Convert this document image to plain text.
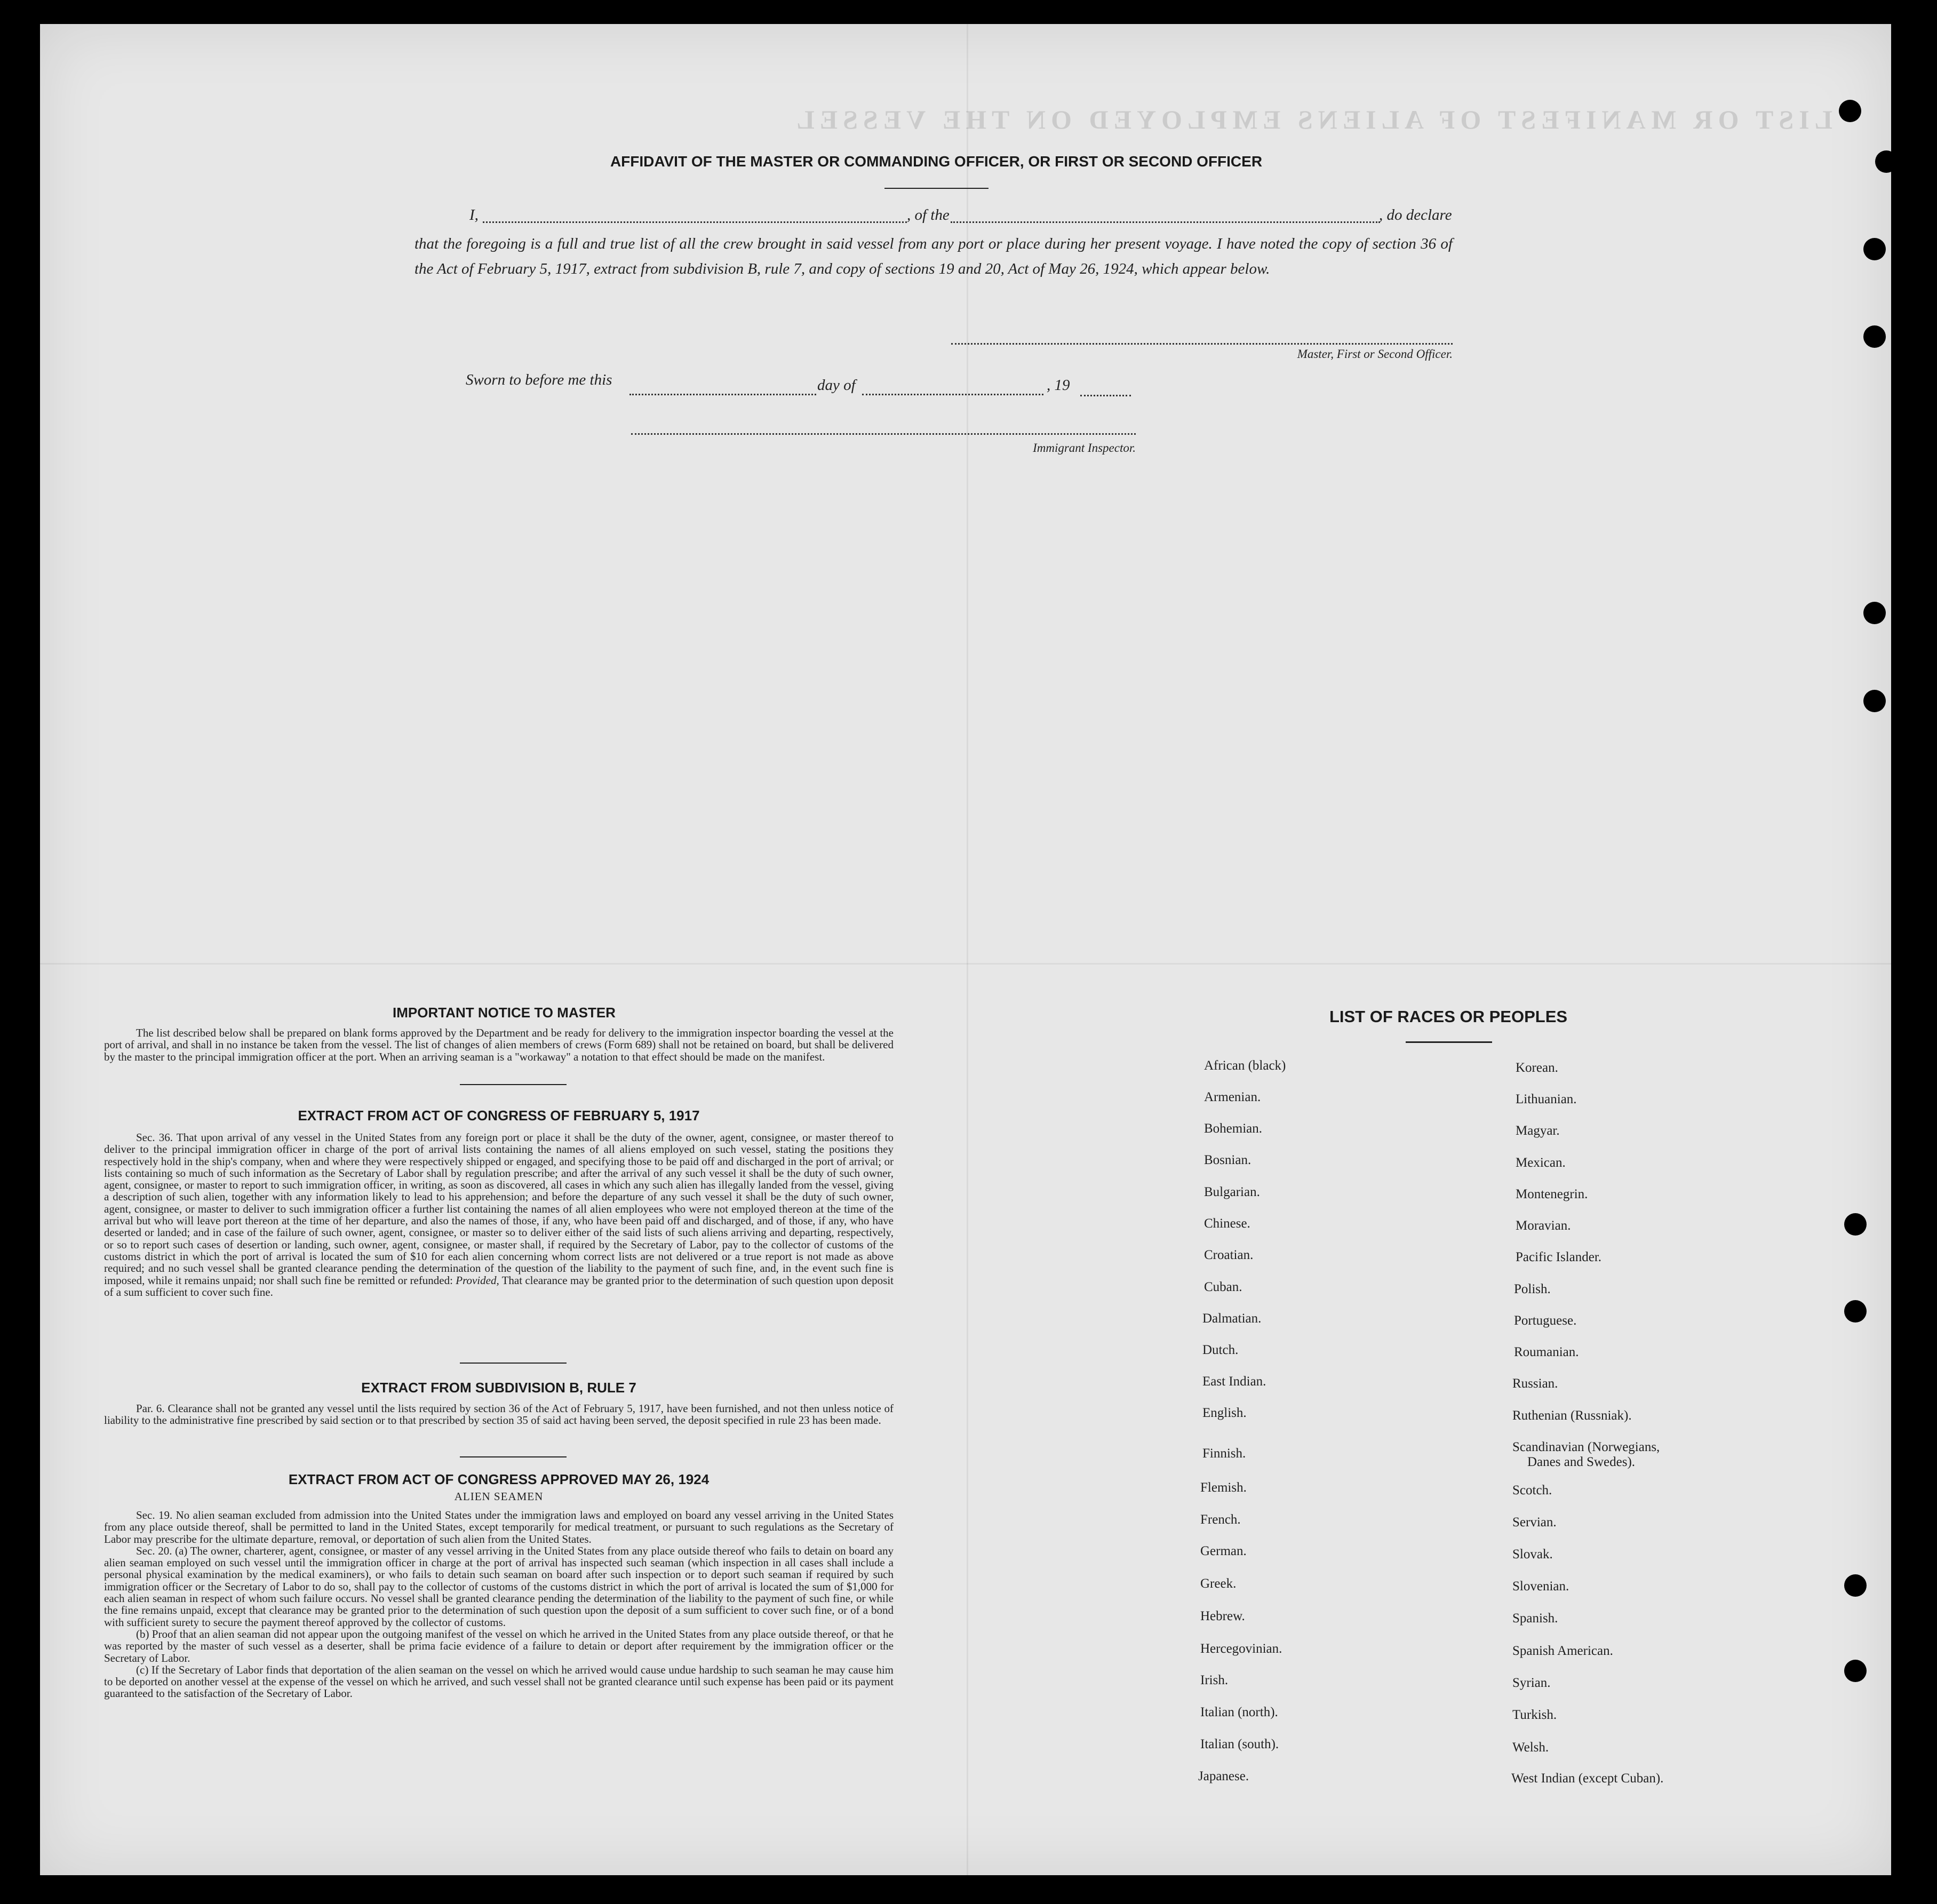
LIST OR MANIFEST OF ALIENS EMPLOYED ON THE VESSEL
AFFIDAVIT OF THE MASTER OR COMMANDING OFFICER, OR FIRST OR SECOND OFFICER
I,	, of the	, do declare
that the foregoing is a full and true list of all the crew brought in said vessel from any port or place during her present voyage. I have noted the copy of section 36 of the Act of February 5, 1917, extract from subdivision B, rule 7, and copy of sections 19 and 20, Act of May 26, 1924, which appear below.
Master, First or Second Officer.
Sworn to before me this	day of	, 19
Immigrant Inspector.
IMPORTANT NOTICE TO MASTER

The list described below shall be prepared on blank forms approved by the Department and be ready for delivery to the immigration inspector boarding the vessel at the port of arrival, and shall in no instance be taken from the vessel. The list of changes of alien members of crews (Form 689) shall not be retained on board, but shall be delivered by the master to the principal immigration officer at the port. When an arriving seaman is a "workaway" a notation to that effect should be made on the manifest.

EXTRACT FROM ACT OF CONGRESS OF FEBRUARY 5, 1917

Sec. 36. That upon arrival of any vessel in the United States from any foreign port or place it shall be the duty of the owner, agent, consignee, or master thereof to deliver to the principal immigration officer in charge of the port of arrival lists containing the names of all aliens employed on such vessel, stating the positions they respectively hold in the ship's company, when and where they were respectively shipped or engaged, and specifying those to be paid off and discharged in the port of arrival; or lists containing so much of such information as the Secretary of Labor shall by regulation prescribe; and after the arrival of any such vessel it shall be the duty of such owner, agent, consignee, or master to report to such immigration officer, in writing, as soon as discovered, all cases in which any such alien has illegally landed from the vessel, giving a description of such alien, together with any information likely to lead to his apprehension; and before the departure of any such vessel it shall be the duty of such owner, agent, consignee, or master to deliver to such immigration officer a further list containing the names of all alien employees who were not employed thereon at the time of the arrival but who will leave port thereon at the time of her departure, and also the names of those, if any, who have been paid off and discharged, and of those, if any, who have deserted or landed; and in case of the failure of such owner, agent, consignee, or master so to deliver either of the said lists of such aliens arriving and departing, respectively, or so to report such cases of desertion or landing, such owner, agent, consignee, or master shall, if required by the Secretary of Labor, pay to the collector of customs of the customs district in which the port of arrival is located the sum of $10 for each alien concerning whom correct lists are not delivered or a true report is not made as above required; and no such vessel shall be granted clearance pending the determination of the question of the liability to the payment of such fine, and, in the event such fine is imposed, while it remains unpaid; nor shall such fine be remitted or refunded: Provided, That clearance may be granted prior to the determination of such question upon deposit of a sum sufficient to cover such fine.

EXTRACT FROM SUBDIVISION B, RULE 7

Par. 6. Clearance shall not be granted any vessel until the lists required by section 36 of the Act of February 5, 1917, have been furnished, and not then unless notice of liability to the administrative fine prescribed by said section or to that prescribed by section 35 of said act having been served, the deposit specified in rule 23 has been made.

EXTRACT FROM ACT OF CONGRESS APPROVED MAY 26, 1924
ALIEN SEAMEN

Sec. 19. No alien seaman excluded from admission into the United States under the immigration laws and employed on board any vessel arriving in the United States from any place outside thereof, shall be permitted to land in the United States, except temporarily for medical treatment, or pursuant to such regulations as the Secretary of Labor may prescribe for the ultimate departure, removal, or deportation of such alien from the United States.

Sec. 20. (a) The owner, charterer, agent, consignee, or master of any vessel arriving in the United States from any place outside thereof who fails to detain on board any alien seaman employed on such vessel until the immigration officer in charge at the port of arrival has inspected such seaman (which inspection in all cases shall include a personal physical examination by the medical examiners), or who fails to detain such seaman on board after such inspection or to deport such seaman if required by such immigration officer or the Secretary of Labor to do so, shall pay to the collector of customs of the customs district in which the port of arrival is located the sum of $1,000 for each alien seaman in respect of whom such failure occurs. No vessel shall be granted clearance pending the determination of the liability to the payment of such fine, or while the fine remains unpaid, except that clearance may be granted prior to the determination of such question upon the deposit of a sum sufficient to cover such fine, or of a bond with sufficient surety to secure the payment thereof approved by the collector of customs.

(b) Proof that an alien seaman did not appear upon the outgoing manifest of the vessel on which he arrived in the United States from any place outside thereof, or that he was reported by the master of such vessel as a deserter, shall be prima facie evidence of a failure to detain or deport after requirement by the immigration officer or the Secretary of Labor.

(c) If the Secretary of Labor finds that deportation of the alien seaman on the vessel on which he arrived would cause undue hardship to such seaman he may cause him to be deported on another vessel at the expense of the vessel on which he arrived, and such vessel shall not be granted clearance until such expense has been paid or its payment guaranteed to the satisfaction of the Secretary of Labor.

LIST OF RACES OR PEOPLES
African (black)
Armenian.
Bohemian.
Bosnian.
Bulgarian.
Chinese.
Croatian.
Cuban.
Dalmatian.
Dutch.
East Indian.
English.
Finnish.
Flemish.
French.
German.
Greek.
Hebrew.
Hercegovinian.
Irish.
Italian (north).
Italian (south).
Japanese.
Korean.
Lithuanian.
Magyar.
Mexican.
Montenegrin.
Moravian.
Pacific Islander.
Polish.
Portuguese.
Roumanian.
Russian.
Ruthenian (Russniak).
Scandinavian (Norwegians,
Danes and Swedes).
Scotch.
Servian.
Slovak.
Slovenian.
Spanish.
Spanish American.
Syrian.
Turkish.
Welsh.
West Indian (except Cuban).
